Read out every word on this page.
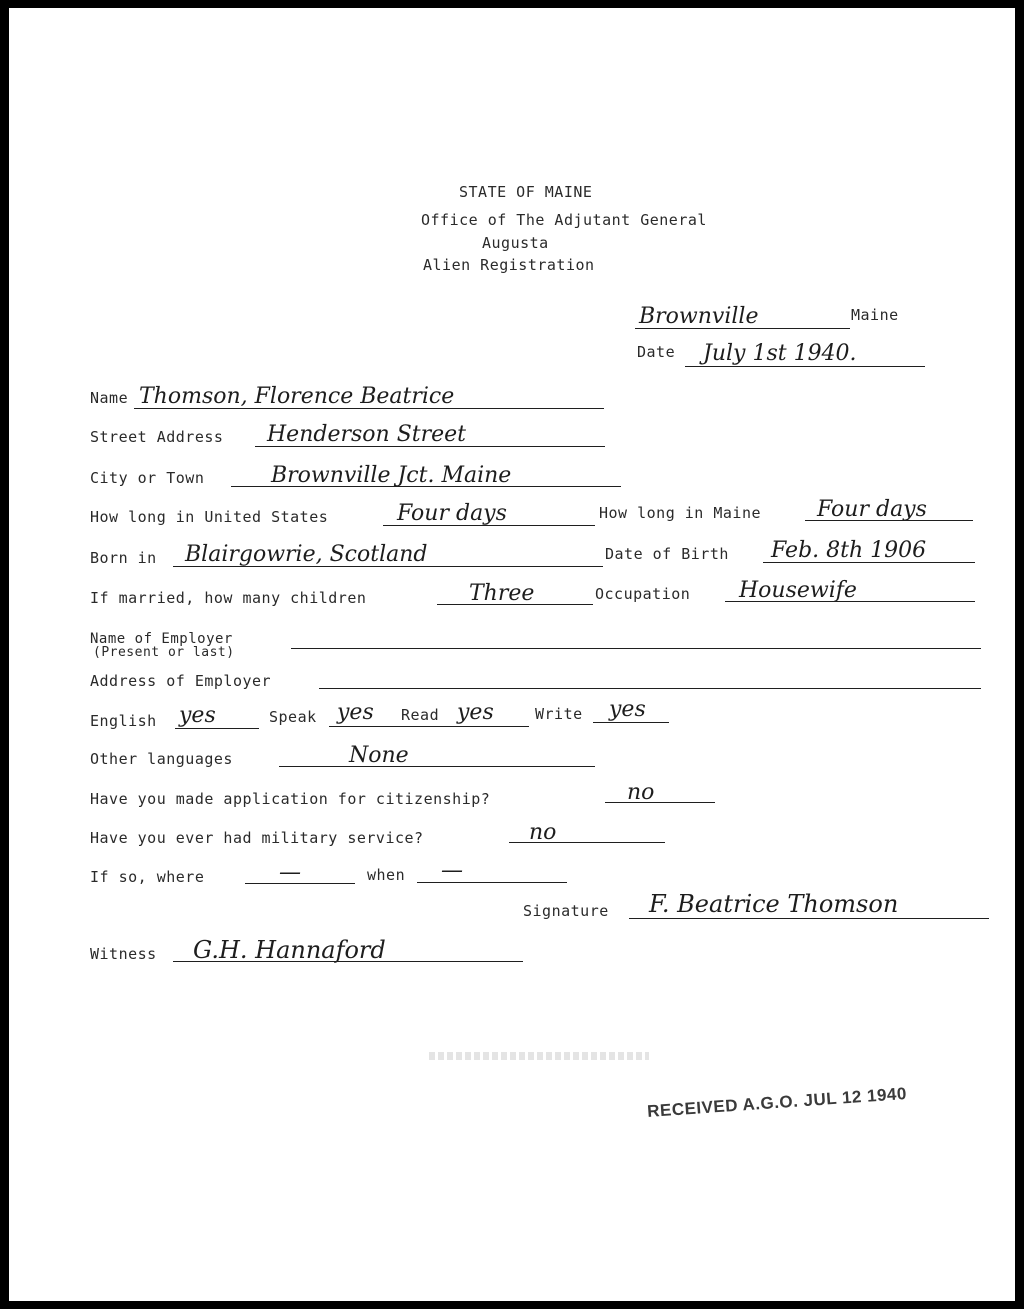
STATE OF MAINE
Office of The Adjutant General
Augusta
Alien Registration
Brownville	Maine
Date July 1st 1940.
Name Thomson, Florence Beatrice
Street Address Henderson Street
City or Town	Brownville Jct. Maine
How long in United States	Four days	How long in Maine	Four days
Born in Blairgowrie, Scotland	Date of Birth Feb. 8th 1906
If married, how many children	Three	Occupation Housewife
Name of Employer
(Present or last)
Address of Employer
English yes	Speak yes Read yes	Write yes
Other languages	None
Have you made application for citizenship?	no
Have you ever had military service?	no
If so, where	—	when —
Signature F. Beatrice Thomson
Witness G.H. Hannaford
RECEIVED A.G.O. JUL 12 1940
